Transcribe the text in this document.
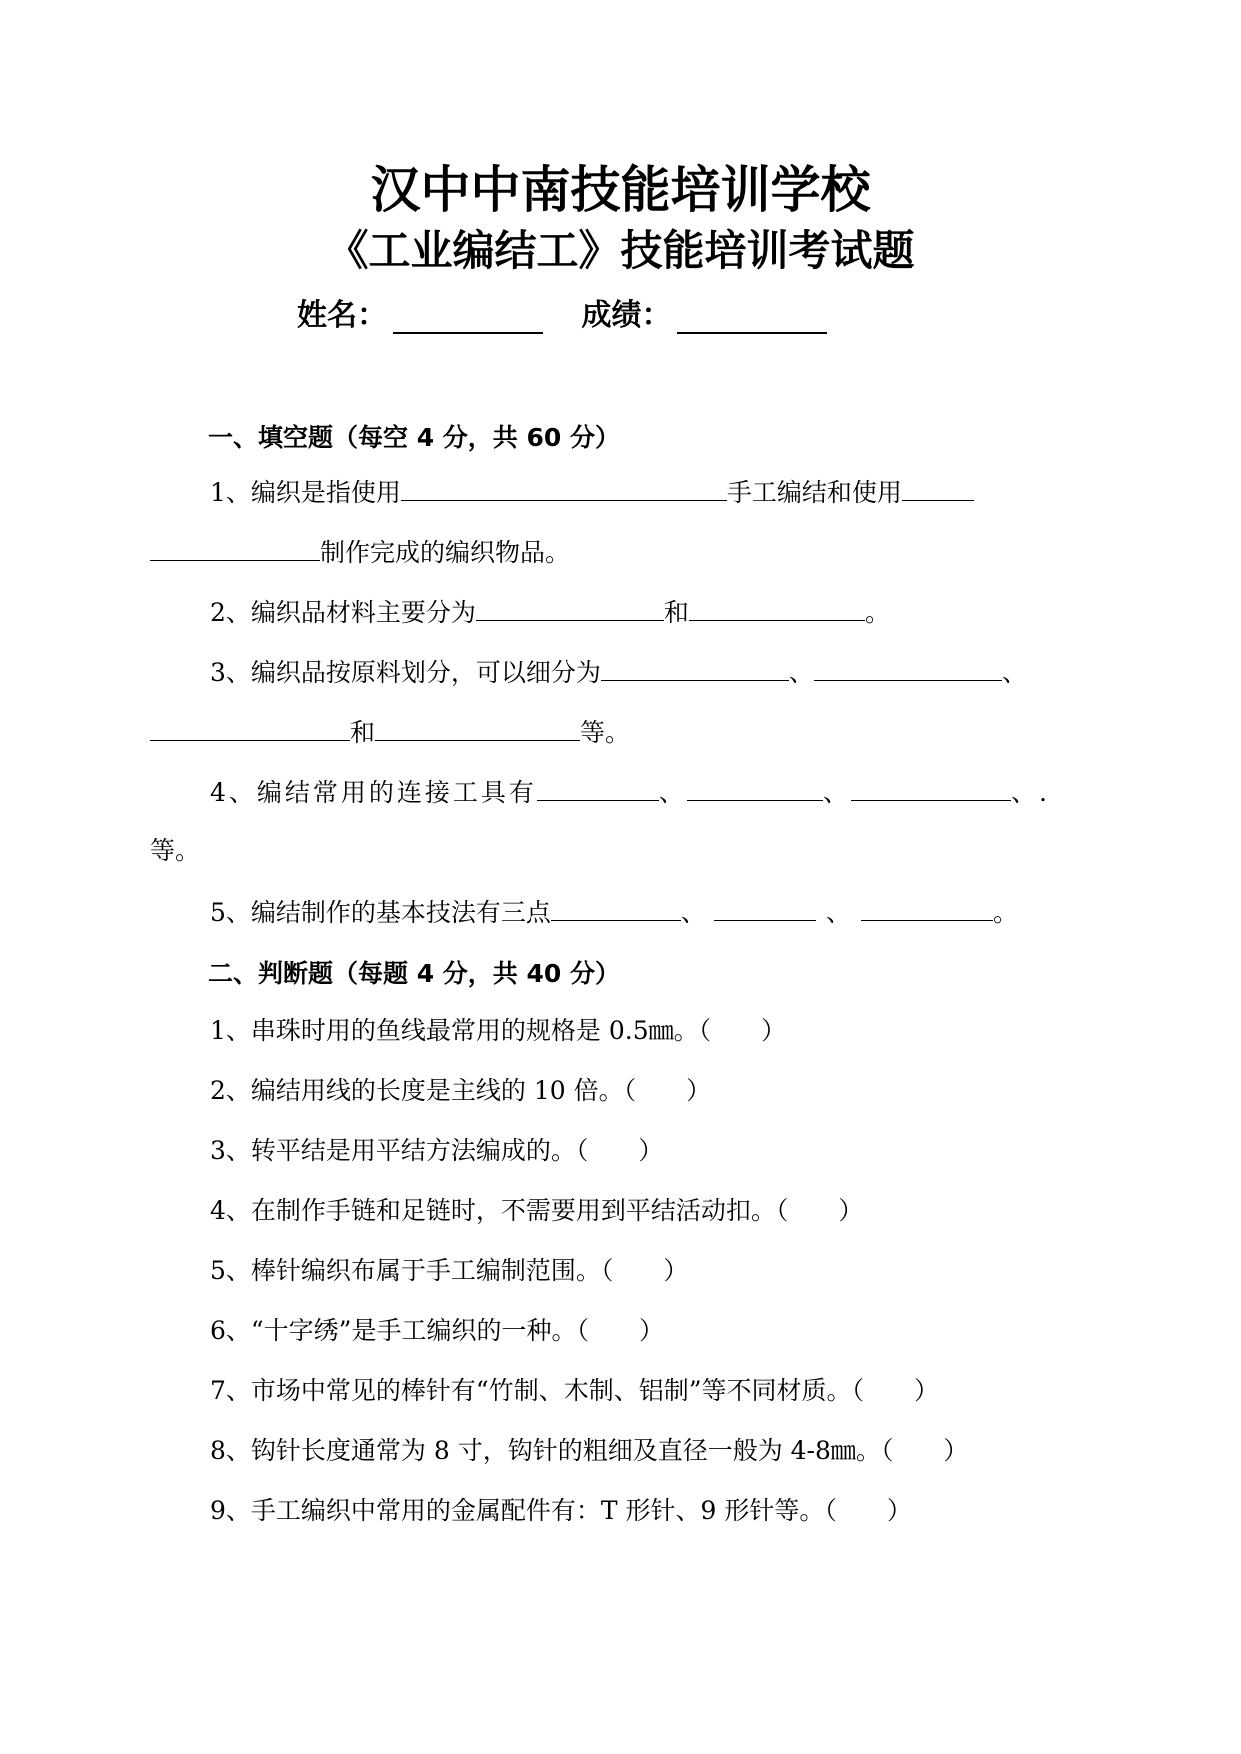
汉中中南技能培训学校
《工业编结工》技能培训考试题
姓名：	成绩：
一、填空题（每空 4 分，共 60 分）
1、编织是指使用	手工编结和使用
制作完成的编织物品。
2、编织品材料主要分为	和	。
3、编织品按原料划分，可以细分为	、	、
和	等。
4、编结常用的连接工具有	、	、	、.
等。
5、编结制作的基本技法有三点	、	、	。
二、判断题（每题 4 分，共 40 分）
1、串珠时用的鱼线最常用的规格是 0.5㎜。（　　）
2、编结用线的长度是主线的 10 倍。（　　）
3、转平结是用平结方法编成的。（　　）
4、在制作手链和足链时，不需要用到平结活动扣。（　　）
5、棒针编织布属于手工编制范围。（　　）
6、“十字绣”是手工编织的一种。（　　）
7、市场中常见的棒针有“竹制、木制、铝制”等不同材质。（　　）
8、钩针长度通常为 8 寸，钩针的粗细及直径一般为 4-8㎜。（　　）
9、手工编织中常用的金属配件有：T 形针、9 形针等。（　　）
